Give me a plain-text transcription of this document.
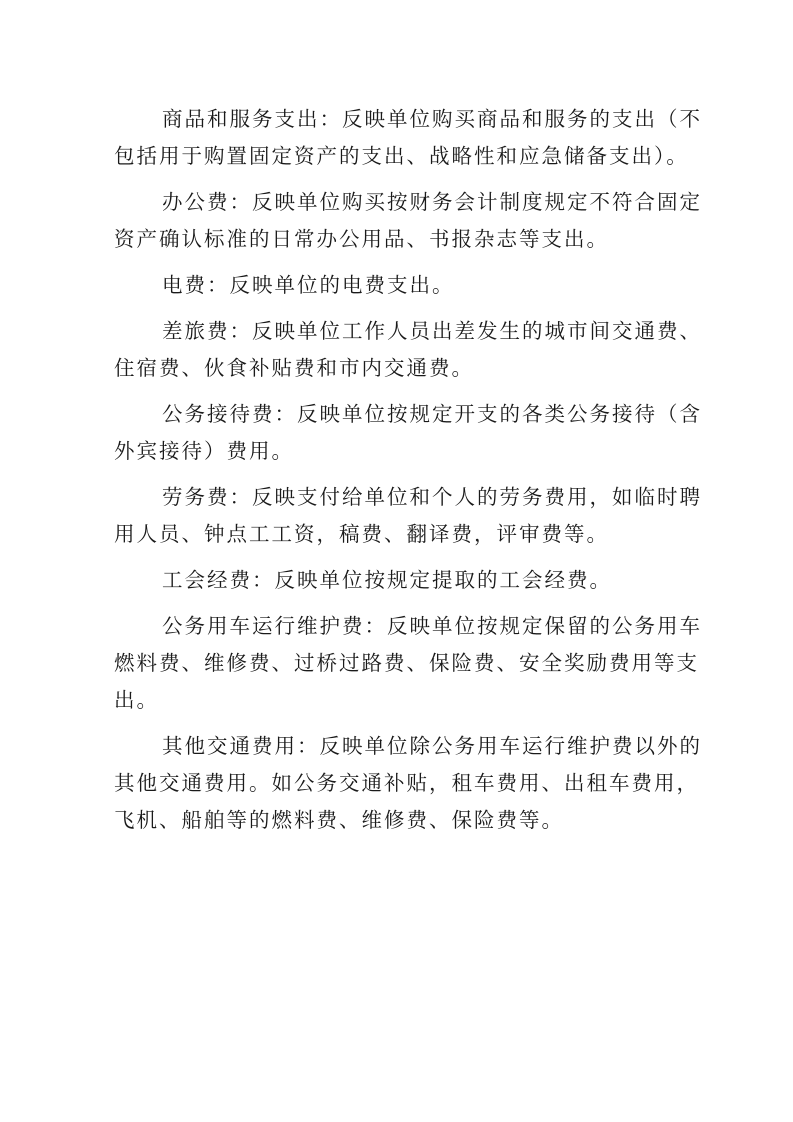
商品和服务支出：反映单位购买商品和服务的支出（不
包括用于购置固定资产的支出、战略性和应急储备支出）。

办公费：反映单位购买按财务会计制度规定不符合固定
资产确认标准的日常办公用品、书报杂志等支出。

电费：反映单位的电费支出。

差旅费：反映单位工作人员出差发生的城市间交通费、
住宿费、伙食补贴费和市内交通费。

公务接待费：反映单位按规定开支的各类公务接待（含
外宾接待）费用。

劳务费：反映支付给单位和个人的劳务费用，如临时聘
用人员、钟点工工资，稿费、翻译费，评审费等。

工会经费：反映单位按规定提取的工会经费。

公务用车运行维护费：反映单位按规定保留的公务用车
燃料费、维修费、过桥过路费、保险费、安全奖励费用等支
出。

其他交通费用：反映单位除公务用车运行维护费以外的
其他交通费用。如公务交通补贴，租车费用、出租车费用，
飞机、船舶等的燃料费、维修费、保险费等。
